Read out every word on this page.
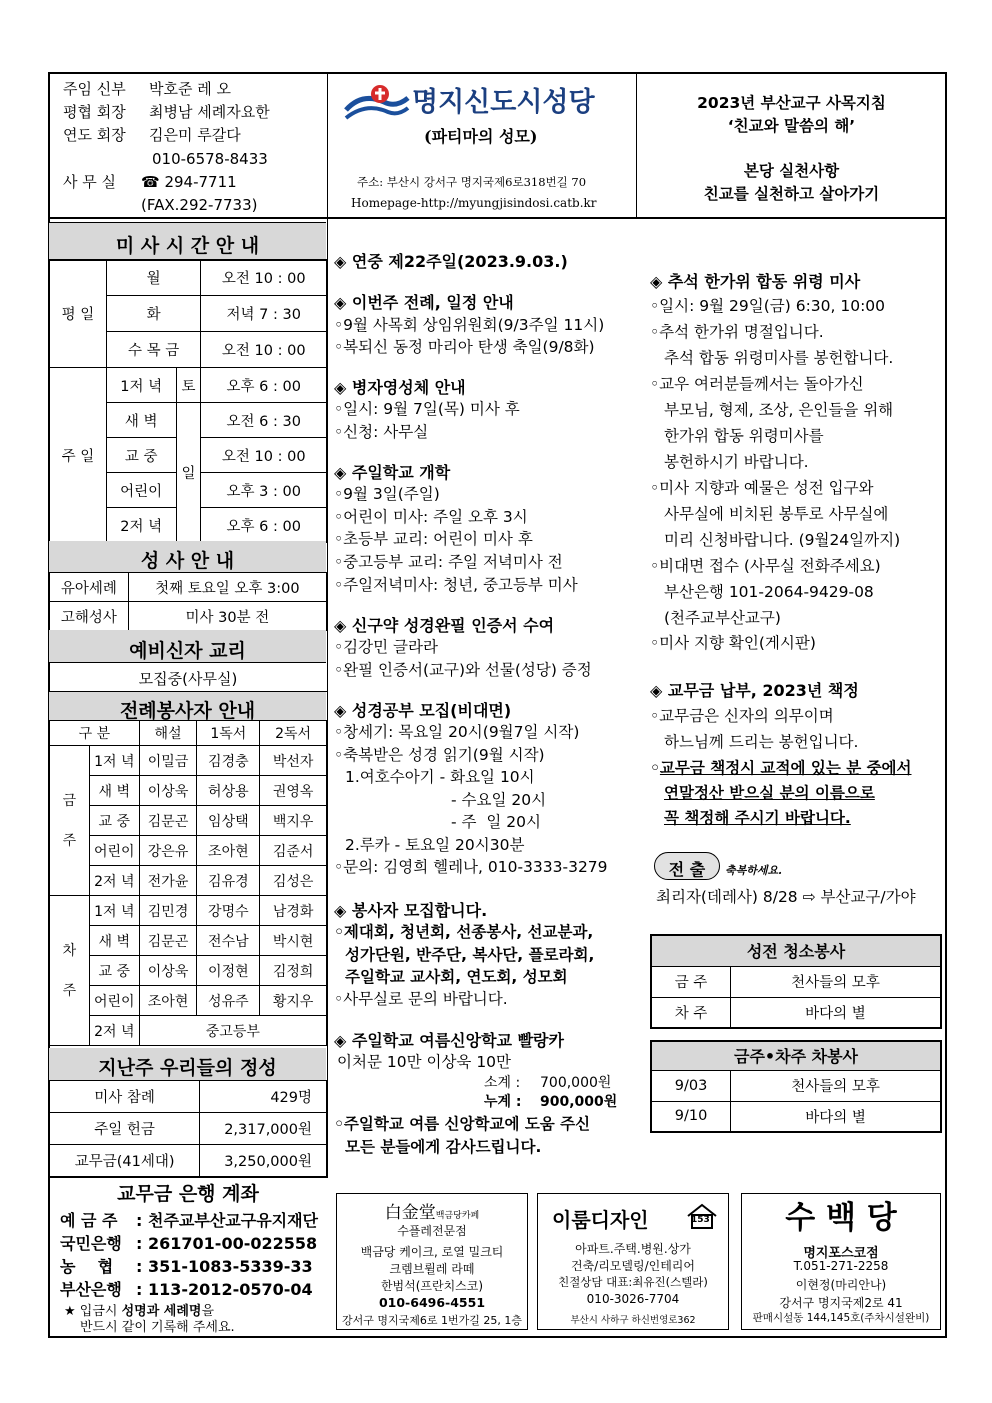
주임 신부 박호준 레 오
평협 회장 최병남 세례자요한
연도 회장 김은미 루갈다
010-6578-8433
사 무 실 ☎ 294-7711
(FAX.292-7733)
명지신도시성당
(파티마의 성모)
주소: 부산시 강서구 명지국제6로318번길 70
Homepage-http://myungjisindosi.catb.kr
2023년 부산교구 사목지침
‘친교와 말씀의 해’
본당 실천사항
친교를 실천하고 살아가기
미 사 시 간 안 내
평 일	월		오전 10 : 00
	화		저녁 7 : 30
	수 목 금		오전 10 : 00
주 일	1저 녁	토	오후 6 : 00
	새 벽	일	오전 6 : 30
	교 중		오전 10 : 00
	어린이		오후 3 : 00
	2저 녁		오후 6 : 00
성 사 안 내
유아세례	첫째 토요일 오후 3:00
고해성사	미사 30분 전
예비신자 교리
모집중(사무실)
전례봉사자 안내
구 분		해설	1독서	2독서
금
주	1저 녁	이밀금	김경충	박선자
	새 벽	이상욱	허상용	권영옥
	교 중	김문곤	임상택	백지우
	어린이	강은유	조아현	김준서
	2저 녁	전가윤	김유경	김성은
차
주	1저 녁	김민경	강명수	남경화
	새 벽	김문곤	전수남	박시현
	교 중	이상욱	이정현	김정희
	어린이	조아현	성유주	황지우
	2저 녁	중고등부		
지난주 우리들의 정성
미사 참례	429명
주일 헌금	2,317,000원
교무금(41세대)	3,250,000원
교무금 은행 계좌
예 금 주 : 천주교부산교구유지재단
국민은행 : 261701-00-022558
농    협 : 351-1083-5339-33
부산은행 : 113-2012-0570-04
★ 입금시 성명과 세례명을
반드시 같이 기록해 주세요.
◈ 연중 제22주일(2023.9.03.)
◈ 이번주 전례, 일정 안내
◦9월 사목회 상임위원회(9/3주일 11시)
◦복되신 동정 마리아 탄생 축일(9/8화)
◈ 병자영성체 안내
◦일시: 9월 7일(목) 미사 후
◦신청: 사무실
◈ 주일학교 개학
◦9월 3일(주일)
◦어린이 미사: 주일 오후 3시
◦초등부 교리: 어린이 미사 후
◦중고등부 교리: 주일 저녁미사 전
◦주일저녁미사: 청년, 중고등부 미사
◈ 신구약 성경완필 인증서 수여
◦김강민 글라라
◦완필 인증서(교구)와 선물(성당) 증정
◈ 성경공부 모집(비대면)
◦창세기: 목요일 20시(9월7일 시작)
◦축복받은 성경 읽기(9월 시작)
1.여호수아기 - 화요일 10시
- 수요일 20시
- 주  일 20시
2.루카 - 토요일 20시30분
◦문의: 김영희 헬레나, 010-3333-3279
◈ 봉사자 모집합니다.
◦제대회, 청년회, 선종봉사, 선교분과,
성가단원, 반주단, 복사단, 플로라회,
주일학교 교사회, 연도회, 성모회
◦사무실로 문의 바랍니다.
◈ 주일학교 여름신앙학교 빨랑카
이처문 10만 이상욱 10만
소계 : 700,000원
누계 : 900,000원
◦주일학교 여름 신앙학교에 도움 주신
모든 분들에게 감사드립니다.
◈ 추석 한가위 합동 위령 미사
◦일시: 9월 29일(금) 6:30, 10:00
◦추석 한가위 명절입니다.
추석 합동 위령미사를 봉헌합니다.
◦교우 여러분들께서는 돌아가신
부모님, 형제, 조상, 은인들을 위해
한가위 합동 위령미사를
봉헌하시기 바랍니다.
◦미사 지향과 예물은 성전 입구와
사무실에 비치된 봉투로 사무실에
미리 신청바랍니다. (9월24일까지)
◦비대면 접수 (사무실 전화주세요)
부산은행 101-2064-9429-08
(천주교부산교구)
◦미사 지향 확인(게시판)
◈ 교무금 납부, 2023년 책정
◦교무금은 신자의 의무이며
하느님께 드리는 봉헌입니다.
◦교무금 책정시 교적에 있는 분 중에서
연말정산 받으실 분의 이름으로
꼭 책정해 주시기 바랍니다.
전 출	축복하세요.
최리자(데레사) 8/28 ⇨ 부산교구/가야
성전 청소봉사	
금 주	천사들의 모후
차 주	바다의 별
금주•차주 차봉사	
9/03	천사들의 모후
9/10	바다의 별
白金堂백금당카페
수플레전문점
백금당 케이크, 로열 밀크티
크렘브륄레 라떼
한범석(프란치스코)
010-6496-4551
강서구 명지국제6로 1번가길 25, 1층
이룸디자인	153
아파트.주택.병원.상가
건축/리모델링/인테리어
친절상담 대표:최유진(스텔라)
010-3026-7704
부산시 사하구 하신번영로362
수 백 당
명지포스코점
T.051-271-2258
이현정(마리안나)
강서구 명지국제2로 41
판매시설동 144,145호(주차시설완비)
